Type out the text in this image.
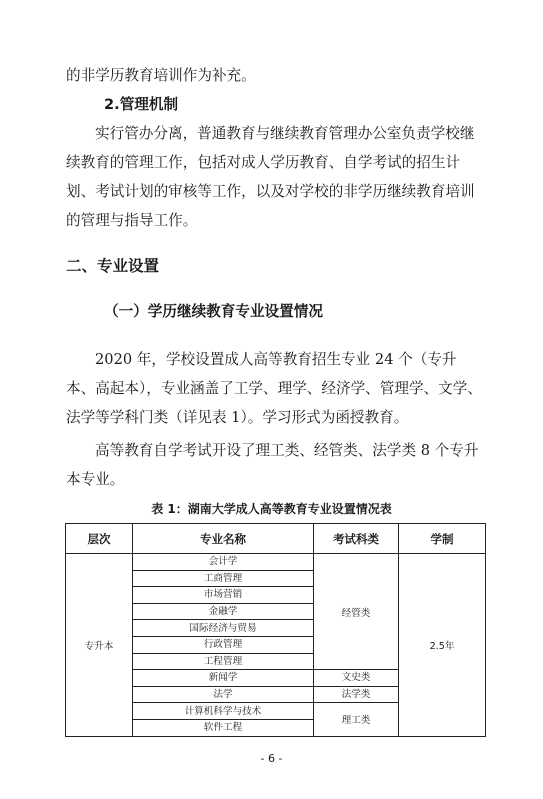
的非学历教育培训作为补充。

2.管理机制

实行管办分离，普通教育与继续教育管理办公室负责学校继续教育的管理工作，包括对成人学历教育、自学考试的招生计划、考试计划的审核等工作，以及对学校的非学历继续教育培训的管理与指导工作。

二、专业设置
（一）学历继续教育专业设置情况

2020 年，学校设置成人高等教育招生专业 24 个（专升本、高起本），专业涵盖了工学、理学、经济学、管理学、文学、法学等学科门类（详见表 1）。学习形式为函授教育。

高等教育自学考试开设了理工类、经管类、法学类 8 个专升本专业。

表 1：湖南大学成人高等教育专业设置情况表
层次	专业名称	考试科类	学制
专升本	会计学	经管类	2.5年
	工商管理		
	市场营销		
	金融学		
	国际经济与贸易		
	行政管理		
	工程管理		
	新闻学	文史类	
	法学	法学类	
	计算机科学与技术	理工类	
	软件工程		
- 6 -
